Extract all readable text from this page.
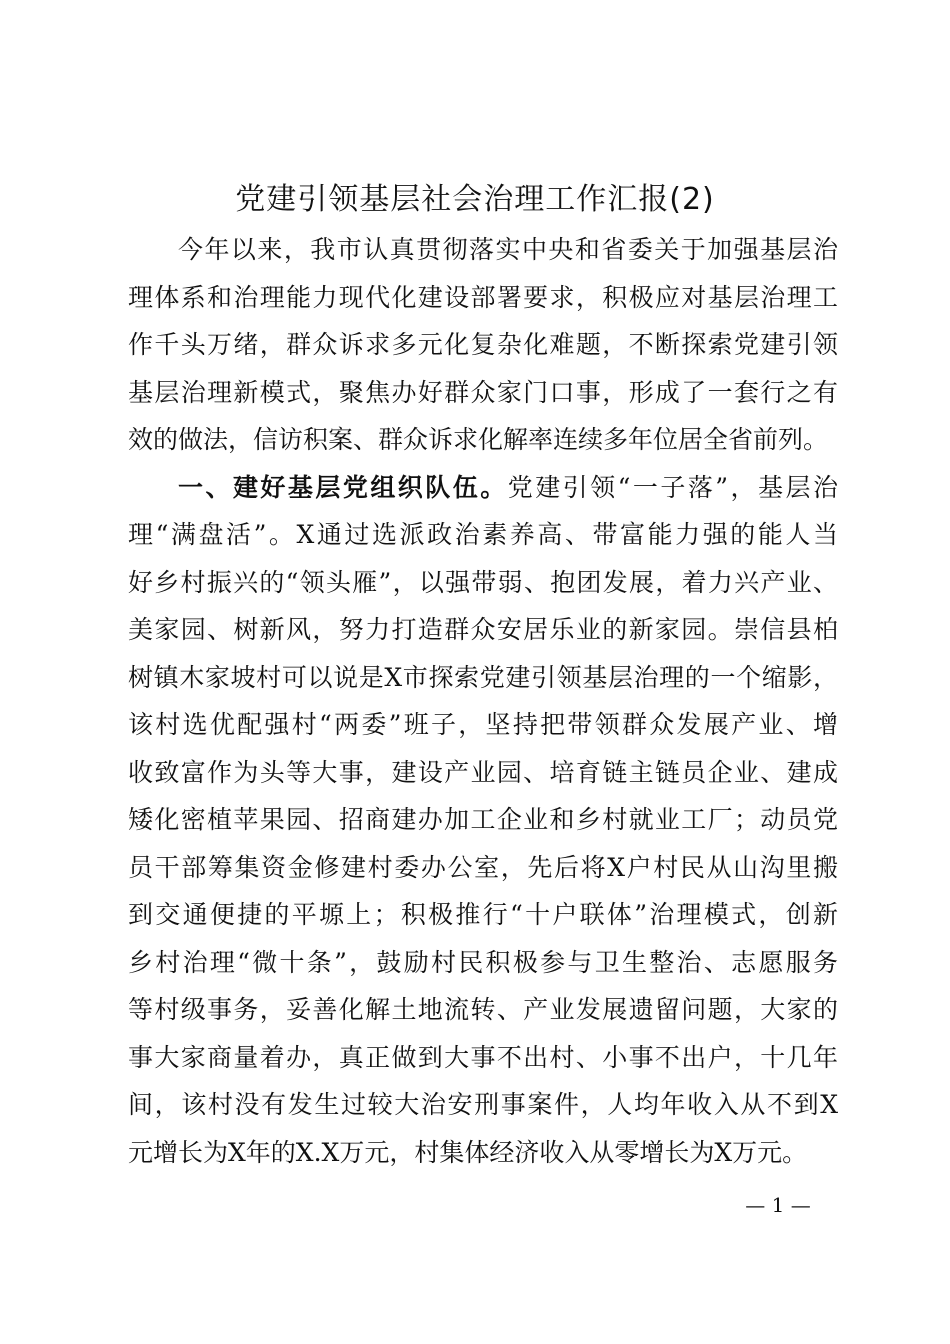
党建引领基层社会治理工作汇报(2)
今年以来，我市认真贯彻落实中央和省委关于加强基层治
理体系和治理能力现代化建设部署要求，积极应对基层治理工
作千头万绪，群众诉求多元化复杂化难题，不断探索党建引领
基层治理新模式，聚焦办好群众家门口事，形成了一套行之有
效的做法，信访积案、群众诉求化解率连续多年位居全省前列。
一、建好基层党组织队伍。党建引领“一子落”，基层治
理“满盘活”。X通过选派政治素养高、带富能力强的能人当
好乡村振兴的“领头雁”，以强带弱、抱团发展，着力兴产业、
美家园、树新风，努力打造群众安居乐业的新家园。崇信县柏
树镇木家坡村可以说是X市探索党建引领基层治理的一个缩影，
该村选优配强村“两委”班子，坚持把带领群众发展产业、增
收致富作为头等大事，建设产业园、培育链主链员企业、建成
矮化密植苹果园、招商建办加工企业和乡村就业工厂；动员党
员干部筹集资金修建村委办公室，先后将X户村民从山沟里搬
到交通便捷的平塬上；积极推行“十户联体”治理模式，创新
乡村治理“微十条”，鼓励村民积极参与卫生整治、志愿服务
等村级事务，妥善化解土地流转、产业发展遗留问题，大家的
事大家商量着办，真正做到大事不出村、小事不出户，十几年
间，该村没有发生过较大治安刑事案件，人均年收入从不到X
元增长为X年的X.X万元，村集体经济收入从零增长为X万元。
— 1 —
